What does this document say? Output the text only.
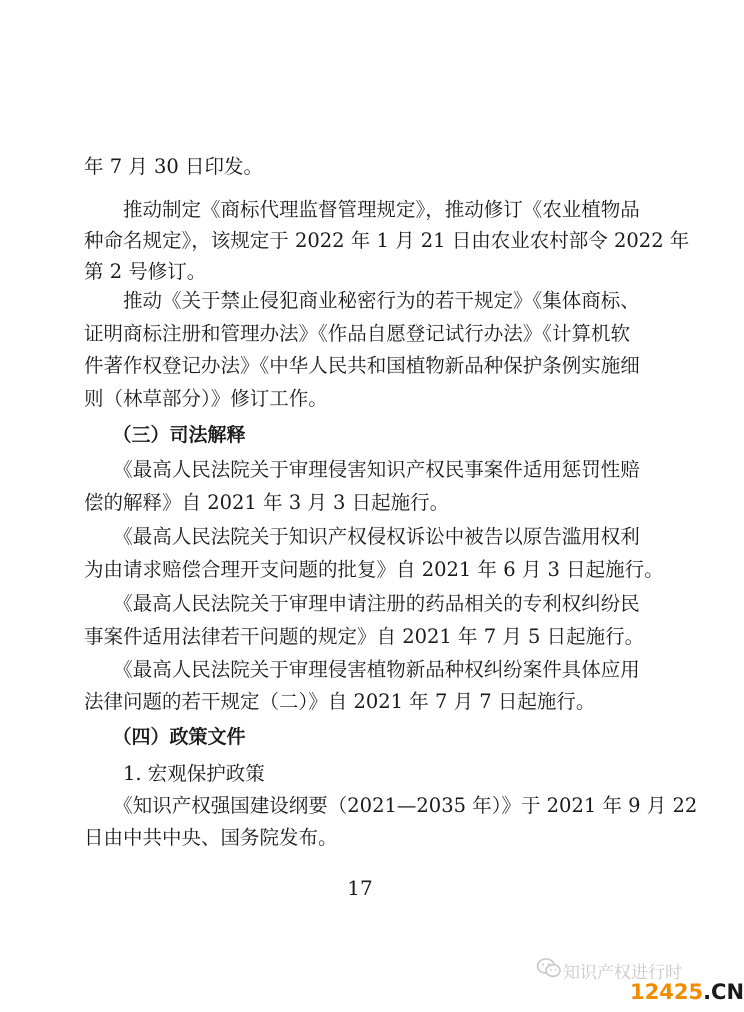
年 7 月 30 日印发。
　　推动制定《商标代理监督管理规定》，推动修订《农业植物品
种命名规定》，该规定于 2022 年 1 月 21 日由农业农村部令 2022 年
第 2 号修订。
　　推动《关于禁止侵犯商业秘密行为的若干规定》《集体商标、
证明商标注册和管理办法》《作品自愿登记试行办法》《计算机软
件著作权登记办法》《中华人民共和国植物新品种保护条例实施细
则（林草部分）》修订工作。
　　（三）司法解释
　　《最高人民法院关于审理侵害知识产权民事案件适用惩罚性赔
偿的解释》自 2021 年 3 月 3 日起施行。
　　《最高人民法院关于知识产权侵权诉讼中被告以原告滥用权利
为由请求赔偿合理开支问题的批复》自 2021 年 6 月 3 日起施行。
　　《最高人民法院关于审理申请注册的药品相关的专利权纠纷民
事案件适用法律若干问题的规定》自 2021 年 7 月 5 日起施行。
　　《最高人民法院关于审理侵害植物新品种权纠纷案件具体应用
法律问题的若干规定（二）》自 2021 年 7 月 7 日起施行。
　　（四）政策文件
　　1. 宏观保护政策
　　《知识产权强国建设纲要（2021—2035 年）》于 2021 年 9 月 22
日由中共中央、国务院发布。
17
知识产权进行时
12425.CN
